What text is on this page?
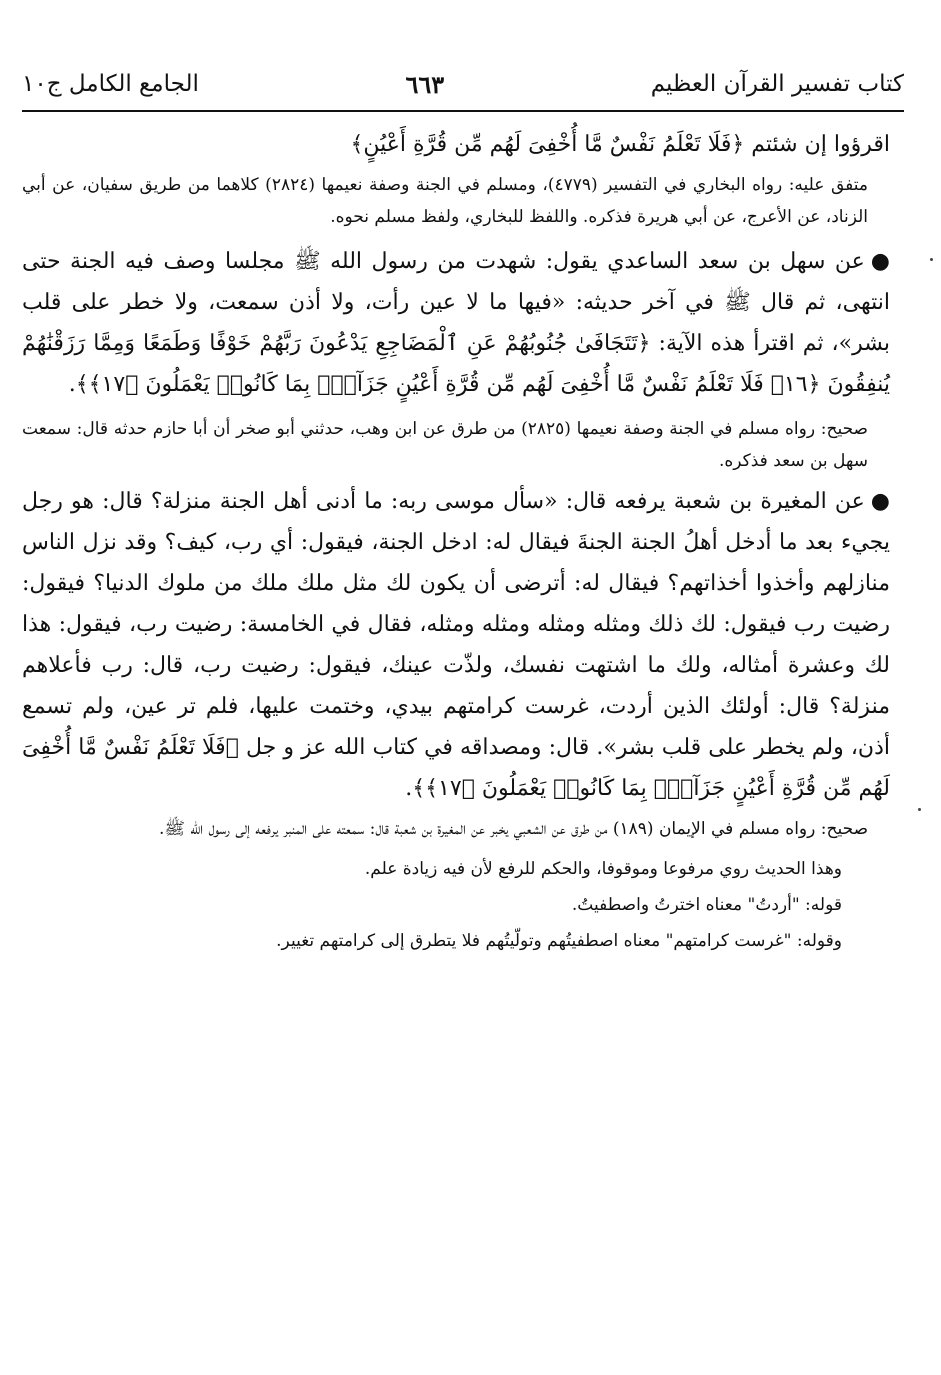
كتاب تفسير القرآن العظيم
٦٦٣
الجامع الكامل ج١٠

اقرؤوا إن شئتم ﴿فَلَا تَعْلَمُ نَفْسٌ مَّا أُخْفِىَ لَهُم مِّن قُرَّةِ أَعْيُنٍ﴾

متفق عليه: رواه البخاري في التفسير (٤٧٧٩)، ومسلم في الجنة وصفة نعيمها (٢٨٢٤) كلاهما من طريق سفيان، عن أبي الزناد، عن الأعرج، عن أبي هريرة فذكره. واللفظ للبخاري، ولفظ مسلم نحوه.

●عن سهل بن سعد الساعدي يقول: شهدت من رسول الله ﷺ مجلسا وصف فيه الجنة حتى انتهى، ثم قال ﷺ في آخر حديثه: «فيها ما لا عين رأت، ولا أذن سمعت، ولا خطر على قلب بشر»، ثم اقترأ هذه الآية: ﴿تَتَجَافَىٰ جُنُوبُهُمْ عَنِ ٱلْمَضَاجِعِ يَدْعُونَ رَبَّهُمْ خَوْفًا وَطَمَعًا وَمِمَّا رَزَقْنَٰهُمْ يُنفِقُونَ ﴿١٦﴾ فَلَا تَعْلَمُ نَفْسٌ مَّا أُخْفِىَ لَهُم مِّن قُرَّةِ أَعْيُنٍ جَزَآءًۢ بِمَا كَانُوا۟ يَعْمَلُونَ ﴿١٧﴾﴾.

صحيح: رواه مسلم في الجنة وصفة نعيمها (٢٨٢٥) من طرق عن ابن وهب، حدثني أبو صخر أن أبا حازم حدثه قال: سمعت سهل بن سعد فذكره.

●عن المغيرة بن شعبة يرفعه قال: «سأل موسى ربه: ما أدنى أهل الجنة منزلة؟ قال: هو رجل يجيء بعد ما أدخل أهلُ الجنة الجنةَ فيقال له: ادخل الجنة، فيقول: أي رب، كيف؟ وقد نزل الناس منازلهم وأخذوا أخذاتهم؟ فيقال له: أترضى أن يكون لك مثل ملك ملك من ملوك الدنيا؟ فيقول: رضيت رب فيقول: لك ذلك ومثله ومثله ومثله ومثله، فقال في الخامسة: رضيت رب، فيقول: هذا لك وعشرة أمثاله، ولك ما اشتهت نفسك، ولذّت عينك، فيقول: رضيت رب، قال: رب فأعلاهم منزلة؟ قال: أولئك الذين أردت، غرست كرامتهم بيدي، وختمت عليها، فلم تر عين، ولم تسمع أذن، ولم يخطر على قلب بشر». قال: ومصداقه في كتاب الله عز و جل ﴿فَلَا تَعْلَمُ نَفْسٌ مَّا أُخْفِىَ لَهُم مِّن قُرَّةِ أَعْيُنٍ جَزَآءًۢ بِمَا كَانُوا۟ يَعْمَلُونَ ﴿١٧﴾﴾.

صحيح: رواه مسلم في الإيمان (١٨٩) من طرق عن الشعبي يخبر عن المغيرة بن شعبة قال: سمعته على المنبر يرفعه إلى رسول الله ﷺ.

وهذا الحديث روي مرفوعا وموقوفا، والحكم للرفع لأن فيه زيادة علم.

قوله: "أردتُ" معناه اخترتُ واصطفيتُ.

وقوله: "غرست كرامتهم" معناه اصطفيتُهم وتولّيتُهم فلا يتطرق إلى كرامتهم تغيير.
